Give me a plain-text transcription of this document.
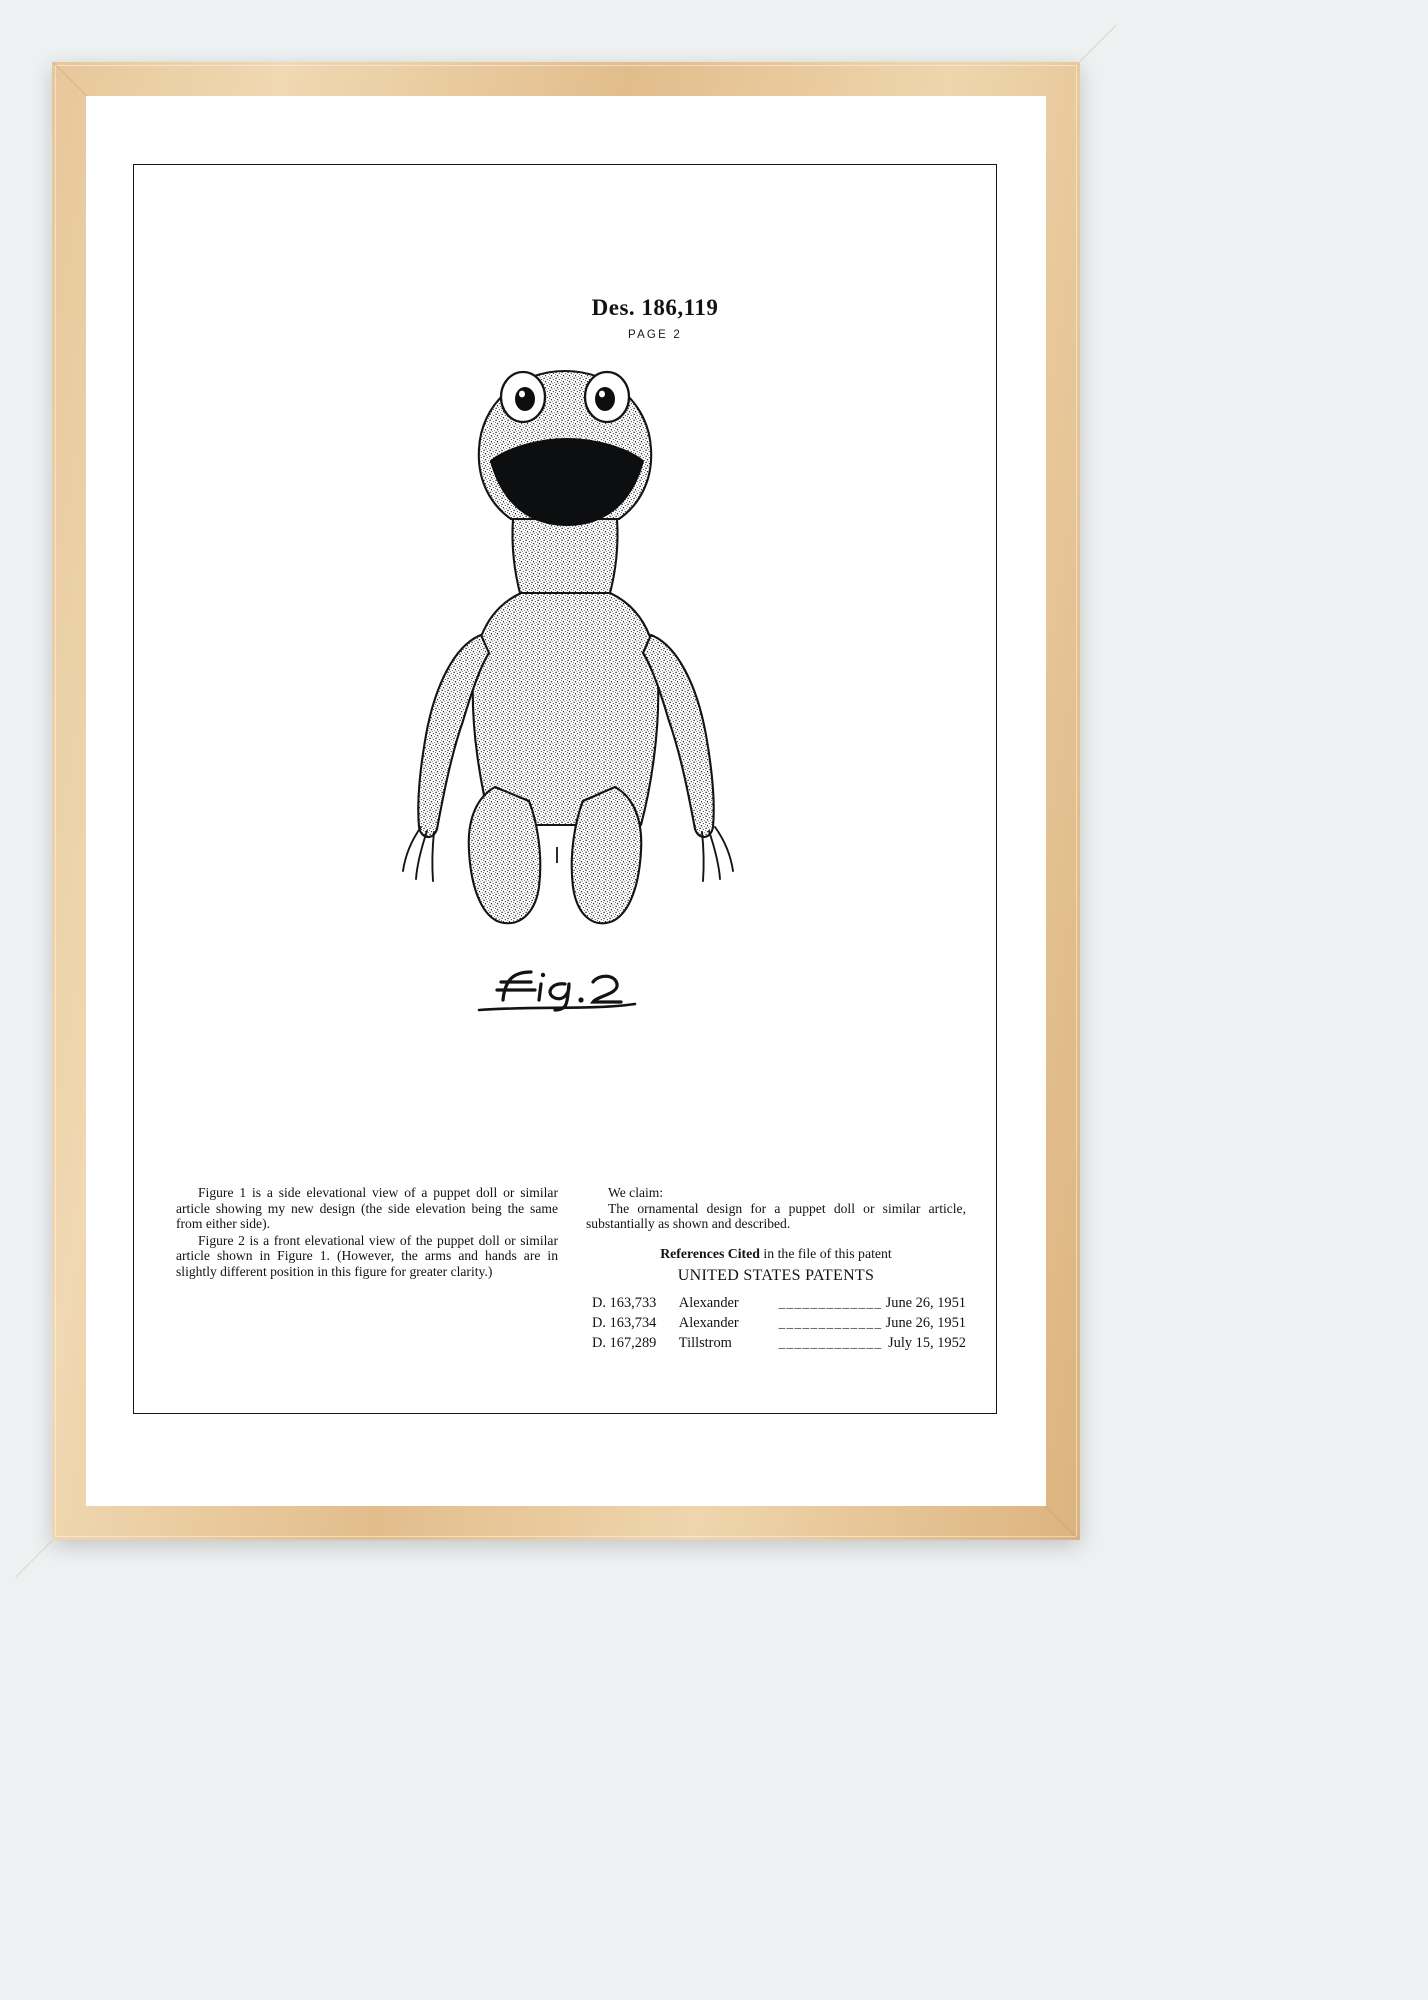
Des. 186,119
PAGE 2

Figure 1 is a side elevational view of a puppet doll or similar article showing my new design (the side elevation being the same from either side).

Figure 2 is a front elevational view of the puppet doll or similar article shown in Figure 1. (However, the arms and hands are in slightly different position in this figure for greater clarity.)

We claim:

The ornamental design for a puppet doll or similar article, substantially as shown and described.

References Cited in the file of this patent
UNITED STATES PATENTS
D. 163,733	Alexander	_____________	June 26, 1951
D. 163,734	Alexander	_____________	June 26, 1951
D. 167,289	Tillstrom	_____________	July 15, 1952
